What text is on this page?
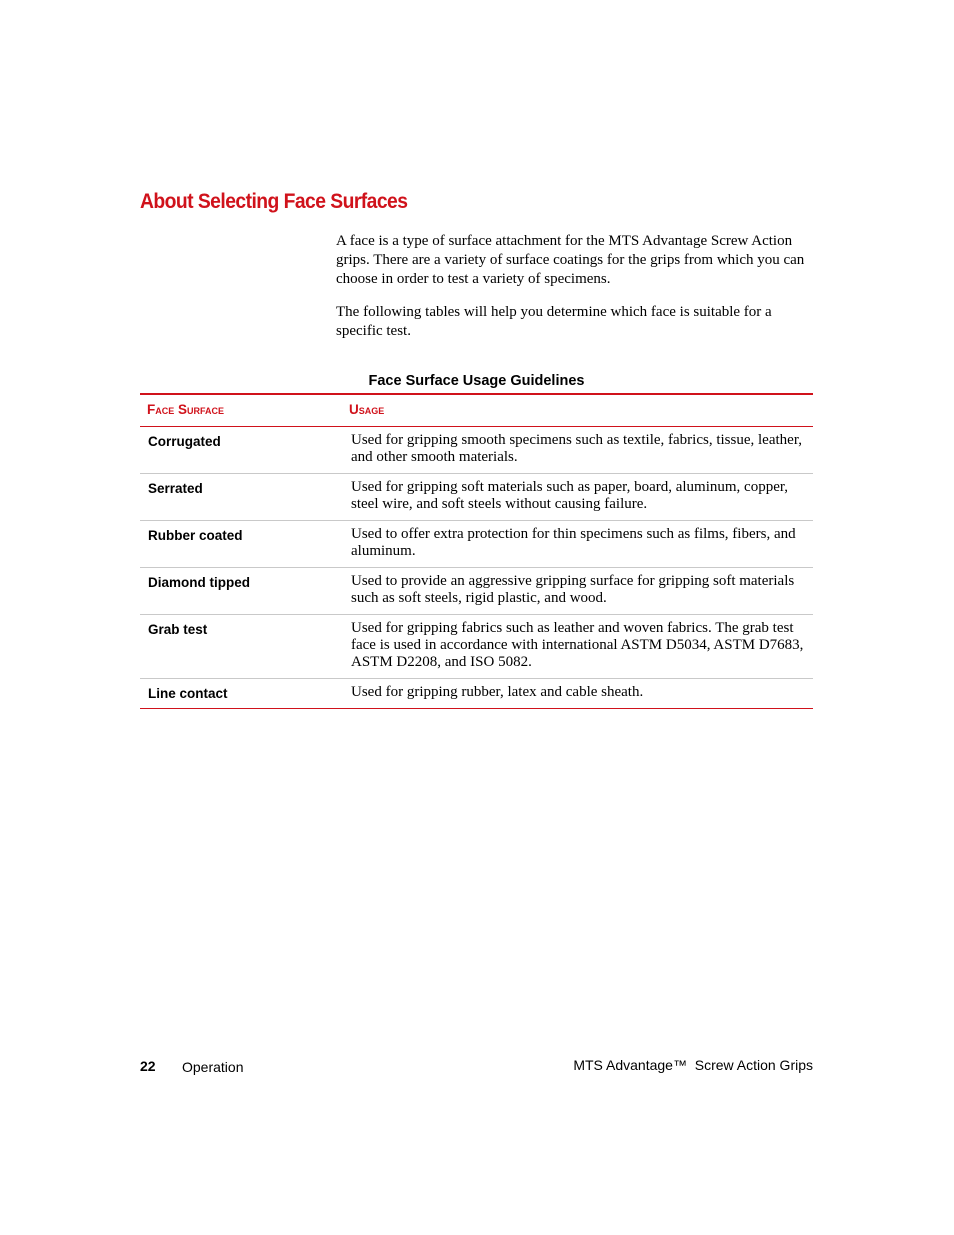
About Selecting Face Surfaces

A face is a type of surface attachment for the MTS Advantage Screw Action grips. There are a variety of surface coatings for the grips from which you can choose in order to test a variety of specimens.

The following tables will help you determine which face is suitable for a specific test.

Face Surface Usage Guidelines

Face Surface	Usage
Corrugated	Used for gripping smooth specimens such as textile, fabrics, tissue, leather, and other smooth materials.
Serrated	Used for gripping soft materials such as paper, board, aluminum, copper, steel wire, and soft steels without causing failure.
Rubber coated	Used to offer extra protection for thin specimens such as films, fibers, and aluminum.
Diamond tipped	Used to provide an aggressive gripping surface for gripping soft materials such as soft steels, rigid plastic, and wood.
Grab test	Used for gripping fabrics such as leather and woven fabrics. The grab test face is used in accordance with international ASTM D5034, ASTM D7683, ASTM D2208, and ISO 5082.
Line contact	Used for gripping rubber, latex and cable sheath.
22 Operation	MTS Advantage™  Screw Action Grips
